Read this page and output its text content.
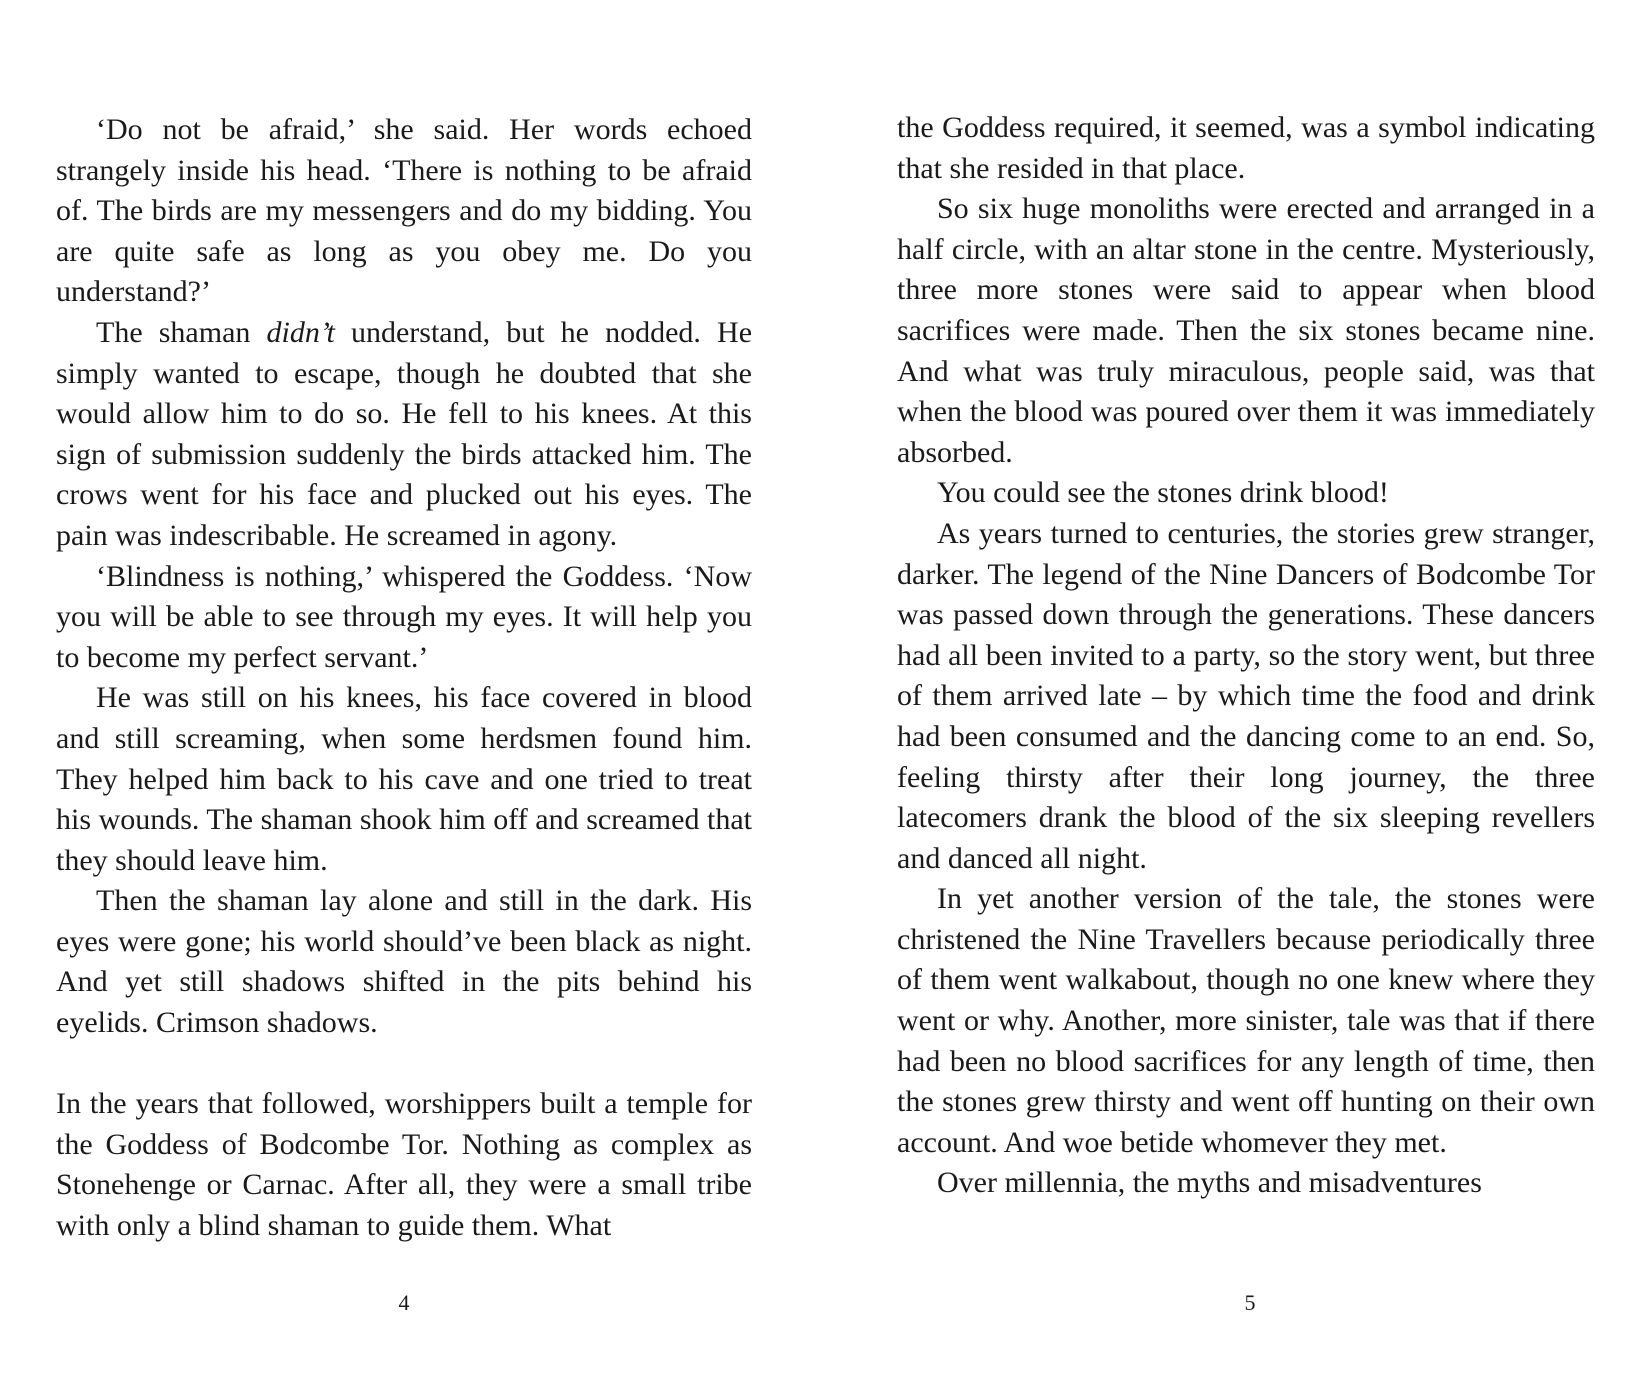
‘Do not be afraid,’ she said. Her words echoed strangely inside his head. ‘There is nothing to be afraid of. The birds are my messengers and do my bidding. You are quite safe as long as you obey me. Do you understand?’

The shaman didn’t understand, but he nodded. He simply wanted to escape, though he doubted that she would allow him to do so. He fell to his knees. At this sign of submission suddenly the birds attacked him. The crows went for his face and plucked out his eyes. The pain was indescribable. He screamed in agony.

‘Blindness is nothing,’ whispered the Goddess. ‘Now you will be able to see through my eyes. It will help you to become my perfect servant.’

He was still on his knees, his face covered in blood and still screaming, when some herdsmen found him. They helped him back to his cave and one tried to treat his wounds. The shaman shook him off and screamed that they should leave him.

Then the shaman lay alone and still in the dark. His eyes were gone; his world should’ve been black as night. And yet still shadows shifted in the pits behind his eyelids. Crimson shadows.

In the years that followed, worshippers built a temple for the Goddess of Bodcombe Tor. Nothing as complex as Stonehenge or Carnac. After all, they were a small tribe with only a blind shaman to guide them. What

4

the Goddess required, it seemed, was a symbol indicating that she resided in that place.

So six huge monoliths were erected and arranged in a half circle, with an altar stone in the centre. Mysteriously, three more stones were said to appear when blood sacrifices were made. Then the six stones became nine. And what was truly miraculous, people said, was that when the blood was poured over them it was immediately absorbed.

You could see the stones drink blood!

As years turned to centuries, the stories grew stranger, darker. The legend of the Nine Dancers of Bodcombe Tor was passed down through the generations. These dancers had all been invited to a party, so the story went, but three of them arrived late – by which time the food and drink had been consumed and the dancing come to an end. So, feeling thirsty after their long journey, the three latecomers drank the blood of the six sleeping revellers and danced all night.

In yet another version of the tale, the stones were christened the Nine Travellers because periodically three of them went walkabout, though no one knew where they went or why. Another, more sinister, tale was that if there had been no blood sacrifices for any length of time, then the stones grew thirsty and went off hunting on their own account. And woe betide whomever they met.

Over millennia, the myths and misadventures

5
